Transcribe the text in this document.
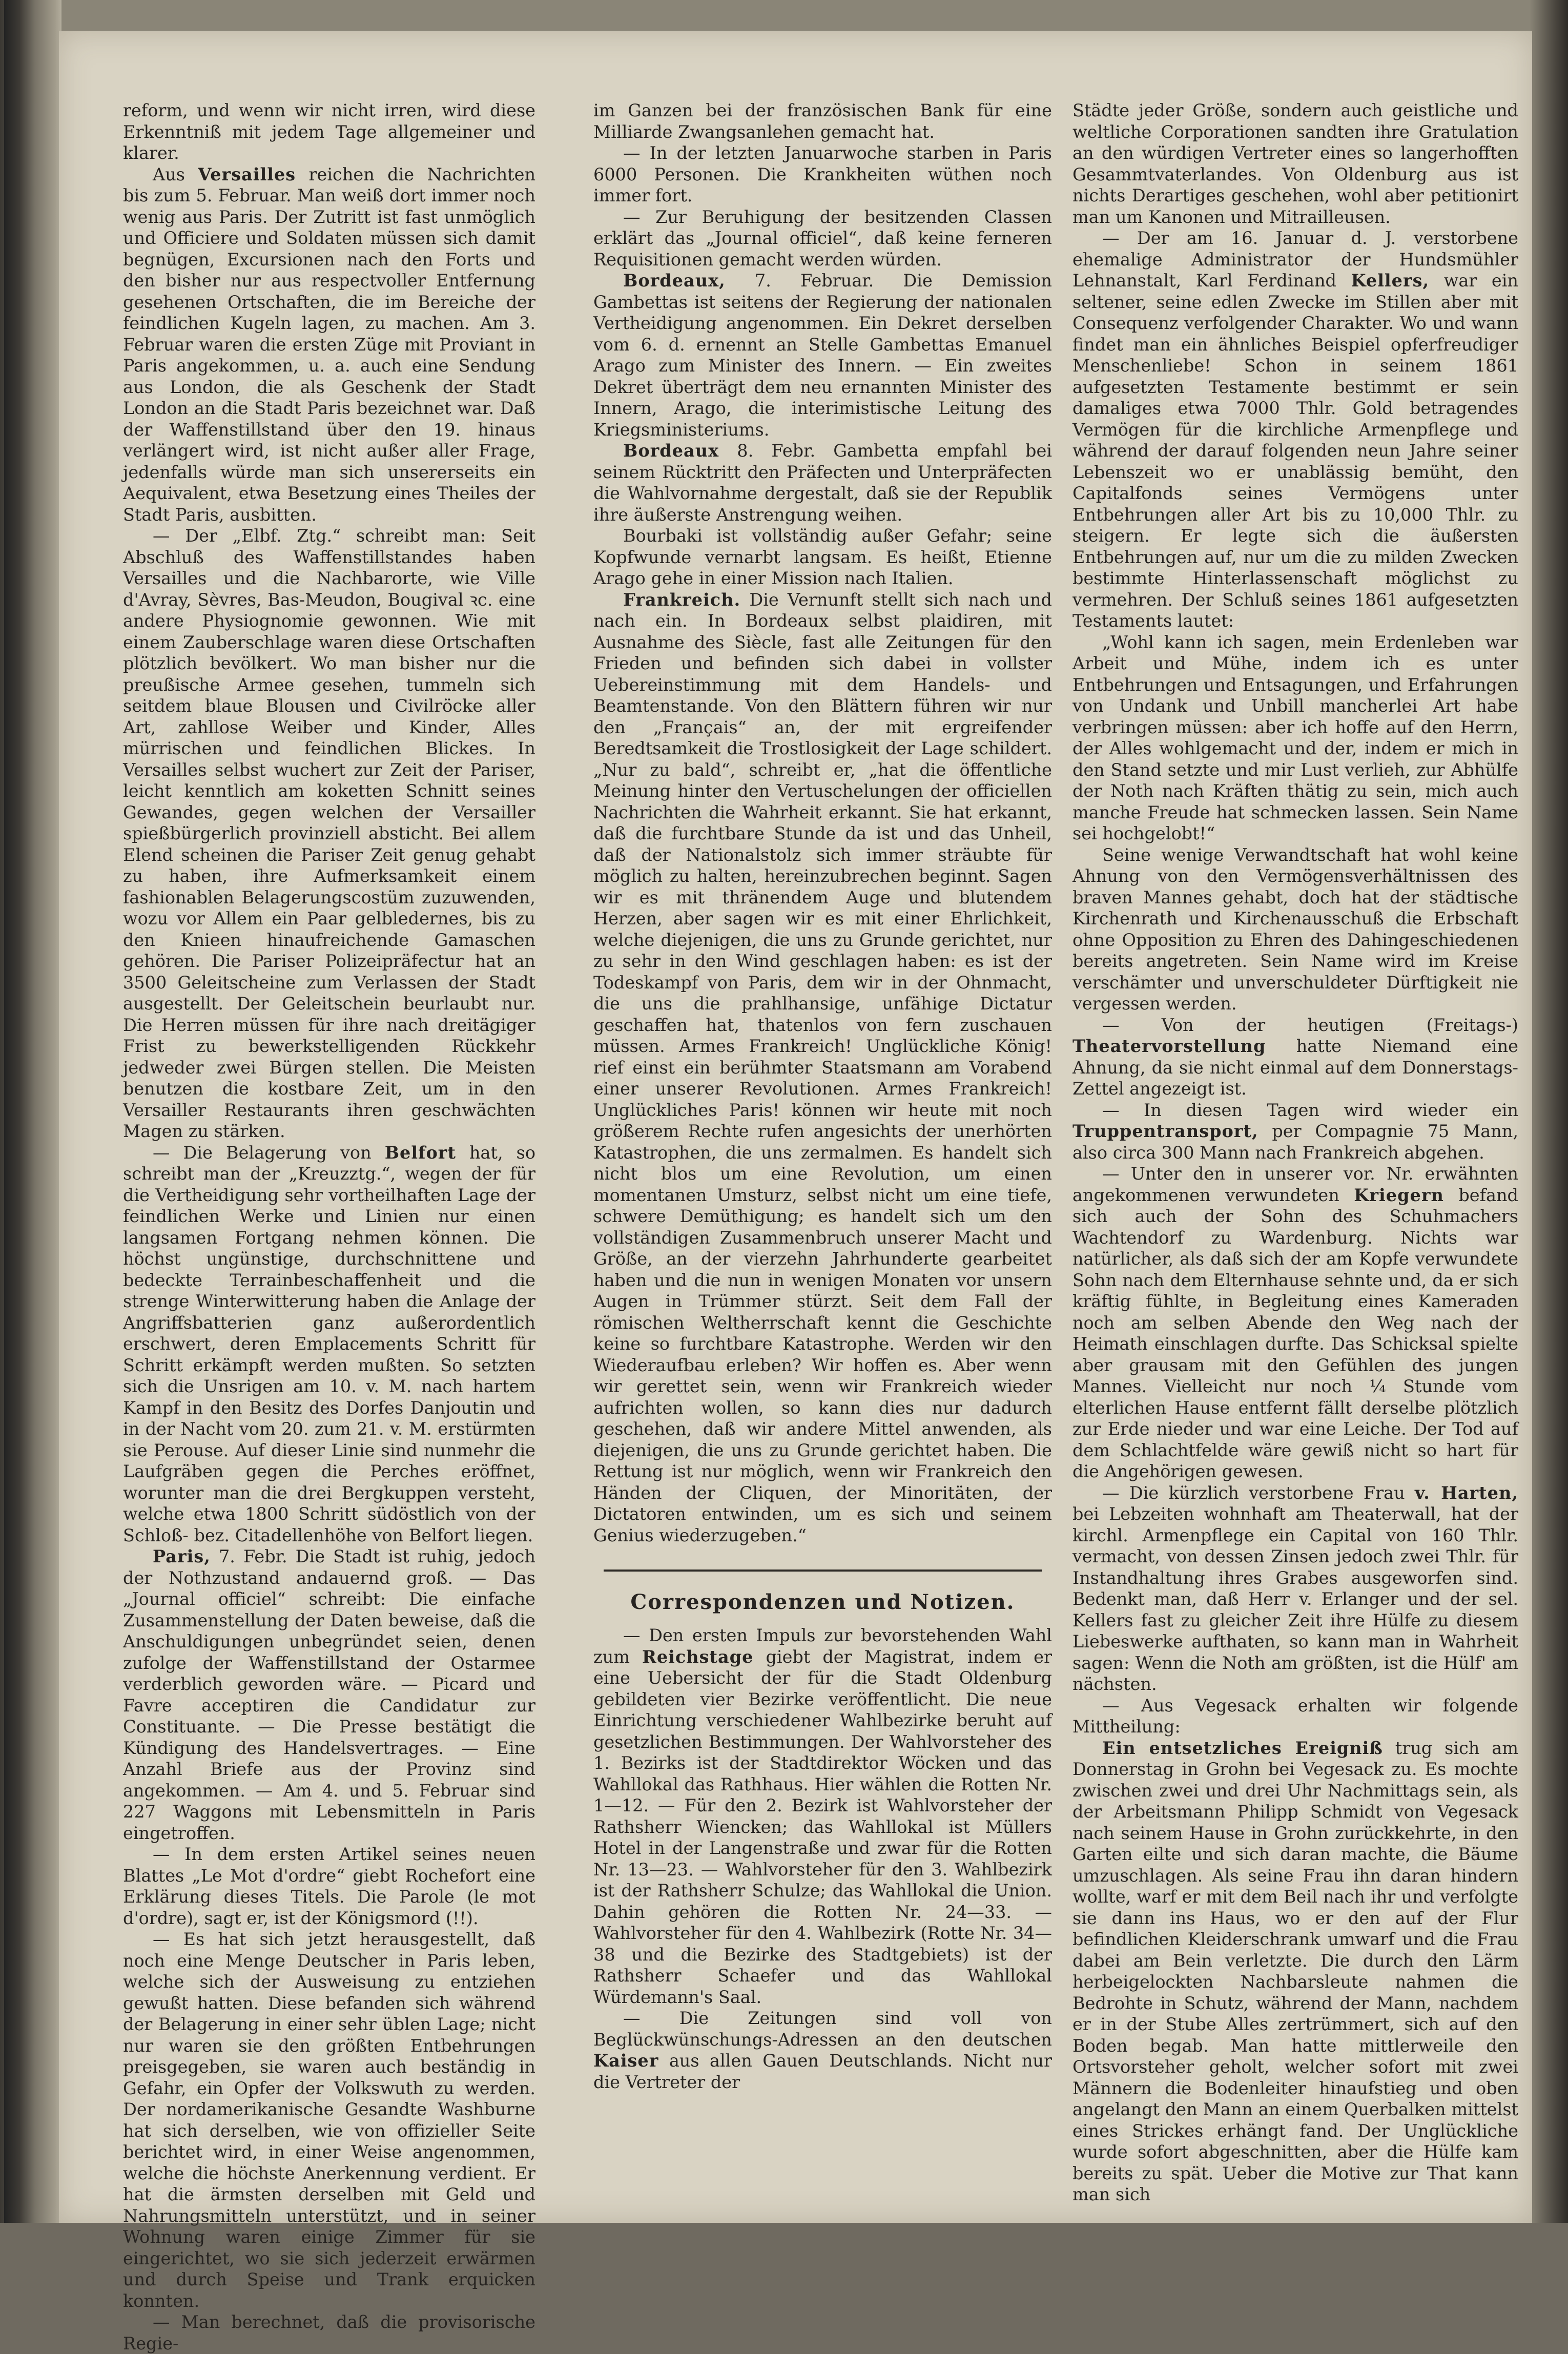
reform, und wenn wir nicht irren, wird diese Erkenntniß mit jedem Tage allgemeiner und klarer.

Aus Versailles reichen die Nachrichten bis zum 5. Februar. Man weiß dort immer noch wenig aus Paris. Der Zutritt ist fast unmöglich und Officiere und Soldaten müssen sich damit begnügen, Excursionen nach den Forts und den bisher nur aus respectvoller Entfernung gesehenen Ortschaften, die im Bereiche der feindlichen Kugeln lagen, zu machen. Am 3. Februar waren die ersten Züge mit Proviant in Paris angekommen, u. a. auch eine Sendung aus London, die als Geschenk der Stadt London an die Stadt Paris bezeichnet war. Daß der Waffenstillstand über den 19. hinaus verlängert wird, ist nicht außer aller Frage, jedenfalls würde man sich unsererseits ein Aequivalent, etwa Besetzung eines Theiles der Stadt Paris, ausbitten.

— Der „Elbf. Ztg.“ schreibt man: Seit Abschluß des Waffenstillstandes haben Versailles und die Nachbarorte, wie Ville d'Avray, Sèvres, Bas-Meudon, Bougival ꝛc. eine andere Physiognomie gewonnen. Wie mit einem Zauberschlage waren diese Ortschaften plötzlich bevölkert. Wo man bisher nur die preußische Armee gesehen, tummeln sich seitdem blaue Blousen und Civilröcke aller Art, zahllose Weiber und Kinder, Alles mürrischen und feindlichen Blickes. In Versailles selbst wuchert zur Zeit der Pariser, leicht kenntlich am koketten Schnitt seines Gewandes, gegen welchen der Versailler spießbürgerlich provinziell absticht. Bei allem Elend scheinen die Pariser Zeit genug gehabt zu haben, ihre Aufmerksamkeit einem fashionablen Belagerungscostüm zuzuwenden, wozu vor Allem ein Paar gelbledernes, bis zu den Knieen hinaufreichende Gamaschen gehören. Die Pariser Polizeipräfectur hat an 3500 Geleitscheine zum Verlassen der Stadt ausgestellt. Der Geleitschein beurlaubt nur. Die Herren müssen für ihre nach dreitägiger Frist zu bewerkstelligenden Rückkehr jedweder zwei Bürgen stellen. Die Meisten benutzen die kostbare Zeit, um in den Versailler Restaurants ihren geschwächten Magen zu stärken.

— Die Belagerung von Belfort hat, so schreibt man der „Kreuzztg.“, wegen der für die Vertheidigung sehr vortheilhaften Lage der feindlichen Werke und Linien nur einen langsamen Fortgang nehmen können. Die höchst ungünstige, durchschnittene und bedeckte Terrainbeschaffenheit und die strenge Winterwitterung haben die Anlage der Angriffsbatterien ganz außerordentlich erschwert, deren Emplacements Schritt für Schritt erkämpft werden mußten. So setzten sich die Unsrigen am 10. v. M. nach hartem Kampf in den Besitz des Dorfes Danjoutin und in der Nacht vom 20. zum 21. v. M. erstürmten sie Perouse. Auf dieser Linie sind nunmehr die Laufgräben gegen die Perches eröffnet, worunter man die drei Bergkuppen versteht, welche etwa 1800 Schritt südöstlich von der Schloß- bez. Citadellenhöhe von Belfort liegen.

Paris, 7. Febr. Die Stadt ist ruhig, jedoch der Nothzustand andauernd groß. — Das „Journal officiel“ schreibt: Die einfache Zusammenstellung der Daten beweise, daß die Anschuldigungen unbegründet seien, denen zufolge der Waffenstillstand der Ostarmee verderblich geworden wäre. — Picard und Favre acceptiren die Candidatur zur Constituante. — Die Presse bestätigt die Kündigung des Handelsvertrages. — Eine Anzahl Briefe aus der Provinz sind angekommen. — Am 4. und 5. Februar sind 227 Waggons mit Lebensmitteln in Paris eingetroffen.

— In dem ersten Artikel seines neuen Blattes „Le Mot d'ordre“ giebt Rochefort eine Erklärung dieses Titels. Die Parole (le mot d'ordre), sagt er, ist der Königsmord (!!).

— Es hat sich jetzt herausgestellt, daß noch eine Menge Deutscher in Paris leben, welche sich der Ausweisung zu entziehen gewußt hatten. Diese befanden sich während der Belagerung in einer sehr üblen Lage; nicht nur waren sie den größten Entbehrungen preisgegeben, sie waren auch beständig in Gefahr, ein Opfer der Volkswuth zu werden. Der nordamerikanische Gesandte Washburne hat sich derselben, wie von offizieller Seite berichtet wird, in einer Weise angenommen, welche die höchste Anerkennung verdient. Er hat die ärmsten derselben mit Geld und Nahrungsmitteln unterstützt, und in seiner Wohnung waren einige Zimmer für sie eingerichtet, wo sie sich jederzeit erwärmen und durch Speise und Trank erquicken konnten.

— Man berechnet, daß die provisorische Regie-

im Ganzen bei der französischen Bank für eine Milliarde Zwangsanlehen gemacht hat.

— In der letzten Januarwoche starben in Paris 6000 Personen. Die Krankheiten wüthen noch immer fort.

— Zur Beruhigung der besitzenden Classen erklärt das „Journal officiel“, daß keine ferneren Requisitionen gemacht werden würden.

Bordeaux, 7. Februar. Die Demission Gambettas ist seitens der Regierung der nationalen Vertheidigung angenommen. Ein Dekret derselben vom 6. d. ernennt an Stelle Gambettas Emanuel Arago zum Minister des Innern. — Ein zweites Dekret überträgt dem neu ernannten Minister des Innern, Arago, die interimistische Leitung des Kriegsministeriums.

Bordeaux 8. Febr. Gambetta empfahl bei seinem Rücktritt den Präfecten und Unterpräfecten die Wahlvornahme dergestalt, daß sie der Republik ihre äußerste Anstrengung weihen.

Bourbaki ist vollständig außer Gefahr; seine Kopfwunde vernarbt langsam. Es heißt, Etienne Arago gehe in einer Mission nach Italien.

Frankreich. Die Vernunft stellt sich nach und nach ein. In Bordeaux selbst plaidiren, mit Ausnahme des Siècle, fast alle Zeitungen für den Frieden und befinden sich dabei in vollster Uebereinstimmung mit dem Handels- und Beamtenstande. Von den Blättern führen wir nur den „Français“ an, der mit ergreifender Beredtsamkeit die Trostlosigkeit der Lage schildert. „Nur zu bald“, schreibt er, „hat die öffentliche Meinung hinter den Vertuschelungen der officiellen Nachrichten die Wahrheit erkannt. Sie hat erkannt, daß die furchtbare Stunde da ist und das Unheil, daß der Nationalstolz sich immer sträubte für möglich zu halten, hereinzubrechen beginnt. Sagen wir es mit thränendem Auge und blutendem Herzen, aber sagen wir es mit einer Ehrlichkeit, welche diejenigen, die uns zu Grunde gerichtet, nur zu sehr in den Wind geschlagen haben: es ist der Todeskampf von Paris, dem wir in der Ohnmacht, die uns die prahlhansige, unfähige Dictatur geschaffen hat, thatenlos von fern zuschauen müssen. Armes Frankreich! Unglückliche König! rief einst ein berühmter Staatsmann am Vorabend einer unserer Revolutionen. Armes Frankreich! Unglückliches Paris! können wir heute mit noch größerem Rechte rufen angesichts der unerhörten Katastrophen, die uns zermalmen. Es handelt sich nicht blos um eine Revolution, um einen momentanen Umsturz, selbst nicht um eine tiefe, schwere Demüthigung; es handelt sich um den vollständigen Zusammenbruch unserer Macht und Größe, an der vierzehn Jahrhunderte gearbeitet haben und die nun in wenigen Monaten vor unsern Augen in Trümmer stürzt. Seit dem Fall der römischen Weltherrschaft kennt die Geschichte keine so furchtbare Katastrophe. Werden wir den Wiederaufbau erleben? Wir hoffen es. Aber wenn wir gerettet sein, wenn wir Frankreich wieder aufrichten wollen, so kann dies nur dadurch geschehen, daß wir andere Mittel anwenden, als diejenigen, die uns zu Grunde gerichtet haben. Die Rettung ist nur möglich, wenn wir Frankreich den Händen der Cliquen, der Minoritäten, der Dictatoren entwinden, um es sich und seinem Genius wiederzugeben.“

Correspondenzen und Notizen.

— Den ersten Impuls zur bevorstehenden Wahl zum Reichstage giebt der Magistrat, indem er eine Uebersicht der für die Stadt Oldenburg gebildeten vier Bezirke veröffentlicht. Die neue Einrichtung verschiedener Wahlbezirke beruht auf gesetzlichen Bestimmungen. Der Wahlvorsteher des 1. Bezirks ist der Stadtdirektor Wöcken und das Wahllokal das Rathhaus. Hier wählen die Rotten Nr. 1—12. — Für den 2. Bezirk ist Wahlvorsteher der Rathsherr Wiencken; das Wahllokal ist Müllers Hotel in der Langenstraße und zwar für die Rotten Nr. 13—23. — Wahlvorsteher für den 3. Wahlbezirk ist der Rathsherr Schulze; das Wahllokal die Union. Dahin gehören die Rotten Nr. 24—33. — Wahlvorsteher für den 4. Wahlbezirk (Rotte Nr. 34—38 und die Bezirke des Stadtgebiets) ist der Rathsherr Schaefer und das Wahllokal Würdemann's Saal.

— Die Zeitungen sind voll von Beglückwünschungs-Adressen an den deutschen Kaiser aus allen Gauen Deutschlands. Nicht nur die Vertreter der

Städte jeder Größe, sondern auch geistliche und weltliche Corporationen sandten ihre Gratulation an den würdigen Vertreter eines so langerhofften Gesammtvaterlandes. Von Oldenburg aus ist nichts Derartiges geschehen, wohl aber petitionirt man um Kanonen und Mitrailleusen.

— Der am 16. Januar d. J. verstorbene ehemalige Administrator der Hundsmühler Lehnanstalt, Karl Ferdinand Kellers, war ein seltener, seine edlen Zwecke im Stillen aber mit Consequenz verfolgender Charakter. Wo und wann findet man ein ähnliches Beispiel opferfreudiger Menschenliebe! Schon in seinem 1861 aufgesetzten Testamente bestimmt er sein damaliges etwa 7000 Thlr. Gold betragendes Vermögen für die kirchliche Armenpflege und während der darauf folgenden neun Jahre seiner Lebenszeit wo er unablässig bemüht, den Capitalfonds seines Vermögens unter Entbehrungen aller Art bis zu 10,000 Thlr. zu steigern. Er legte sich die äußersten Entbehrungen auf, nur um die zu milden Zwecken bestimmte Hinterlassenschaft möglichst zu vermehren. Der Schluß seines 1861 aufgesetzten Testaments lautet:

„Wohl kann ich sagen, mein Erdenleben war Arbeit und Mühe, indem ich es unter Entbehrungen und Entsagungen, und Erfahrungen von Undank und Unbill mancherlei Art habe verbringen müssen: aber ich hoffe auf den Herrn, der Alles wohlgemacht und der, indem er mich in den Stand setzte und mir Lust verlieh, zur Abhülfe der Noth nach Kräften thätig zu sein, mich auch manche Freude hat schmecken lassen. Sein Name sei hochgelobt!“

Seine wenige Verwandtschaft hat wohl keine Ahnung von den Vermögensverhältnissen des braven Mannes gehabt, doch hat der städtische Kirchenrath und Kirchenausschuß die Erbschaft ohne Opposition zu Ehren des Dahingeschiedenen bereits angetreten. Sein Name wird im Kreise verschämter und unverschuldeter Dürftigkeit nie vergessen werden.

— Von der heutigen (Freitags-) Theatervorstellung hatte Niemand eine Ahnung, da sie nicht einmal auf dem Donnerstags-Zettel angezeigt ist.

— In diesen Tagen wird wieder ein Truppentransport, per Compagnie 75 Mann, also circa 300 Mann nach Frankreich abgehen.

— Unter den in unserer vor. Nr. erwähnten angekommenen verwundeten Kriegern befand sich auch der Sohn des Schuhmachers Wachtendorf zu Wardenburg. Nichts war natürlicher, als daß sich der am Kopfe verwundete Sohn nach dem Elternhause sehnte und, da er sich kräftig fühlte, in Begleitung eines Kameraden noch am selben Abende den Weg nach der Heimath einschlagen durfte. Das Schicksal spielte aber grausam mit den Gefühlen des jungen Mannes. Vielleicht nur noch ¼ Stunde vom elterlichen Hause entfernt fällt derselbe plötzlich zur Erde nieder und war eine Leiche. Der Tod auf dem Schlachtfelde wäre gewiß nicht so hart für die Angehörigen gewesen.

— Die kürzlich verstorbene Frau v. Harten, bei Lebzeiten wohnhaft am Theaterwall, hat der kirchl. Armenpflege ein Capital von 160 Thlr. vermacht, von dessen Zinsen jedoch zwei Thlr. für Instandhaltung ihres Grabes ausgeworfen sind. Bedenkt man, daß Herr v. Erlanger und der sel. Kellers fast zu gleicher Zeit ihre Hülfe zu diesem Liebeswerke aufthaten, so kann man in Wahrheit sagen: Wenn die Noth am größten, ist die Hülf' am nächsten.

— Aus Vegesack erhalten wir folgende Mittheilung:

Ein entsetzliches Ereigniß trug sich am Donnerstag in Grohn bei Vegesack zu. Es mochte zwischen zwei und drei Uhr Nachmittags sein, als der Arbeitsmann Philipp Schmidt von Vegesack nach seinem Hause in Grohn zurückkehrte, in den Garten eilte und sich daran machte, die Bäume umzuschlagen. Als seine Frau ihn daran hindern wollte, warf er mit dem Beil nach ihr und verfolgte sie dann ins Haus, wo er den auf der Flur befindlichen Kleiderschrank umwarf und die Frau dabei am Bein verletzte. Die durch den Lärm herbeigelockten Nachbarsleute nahmen die Bedrohte in Schutz, während der Mann, nachdem er in der Stube Alles zertrümmert, sich auf den Boden begab. Man hatte mittlerweile den Ortsvorsteher geholt, welcher sofort mit zwei Männern die Bodenleiter hinaufstieg und oben angelangt den Mann an einem Querbalken mittelst eines Strickes erhängt fand. Der Unglückliche wurde sofort abgeschnitten, aber die Hülfe kam bereits zu spät. Ueber die Motive zur That kann man sich
